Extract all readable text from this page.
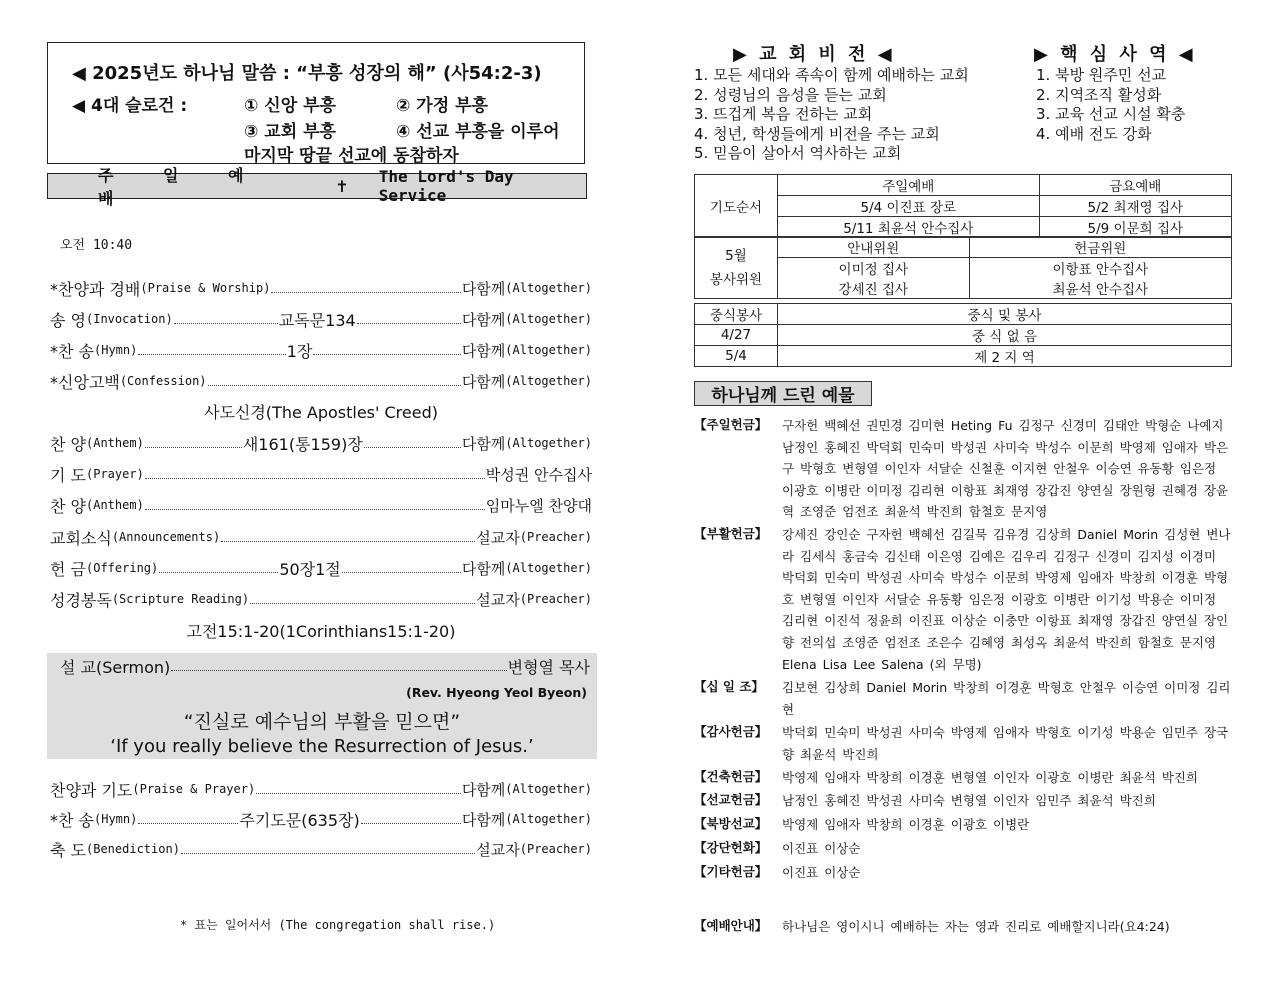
◀ 2025년도 하나님 말씀 : “부흥 성장의 해” (사54:2-3)
◀ 4대 슬로건 :	① 신앙 부흥	② 가정 부흥
③ 교회 부흥	④ 선교 부흥을 이루어
마지막 땅끝 선교에 동참하자
주 일 예 배
✝ The Lord's Day Service
오전 10:40
*찬양과 경배 (Praise & Worship)	다함께 (Altogether)
송 영 (Invocation)	교독문134	다함께 (Altogether)
*찬 송 (Hymn)	1장	다함께 (Altogether)
*신앙고백 (Confession)	다함께 (Altogether)
사도신경(The Apostles' Creed)
찬 양 (Anthem)	새161(통159)장	다함께 (Altogether)
기 도 (Prayer)	박성권 안수집사
찬 양 (Anthem)	임마누엘 찬양대
교회소식 (Announcements)	설교자 (Preacher)
헌 금 (Offering)	50장1절	다함께 (Altogether)
성경봉독 (Scripture Reading)	설교자 (Preacher)
고전15:1-20(1Corinthians15:1-20)
설 교(Sermon)	변형열 목사
(Rev. Hyeong Yeol Byeon)
“진실로 예수님의 부활을 믿으면”
‘If you really believe the Resurrection of Jesus.’
찬양과 기도 (Praise & Prayer)	다함께 (Altogether)
*찬 송 (Hymn)	주기도문(635장)	다함께 (Altogether)
축 도 (Benediction)	설교자 (Preacher)
* 표는 일어서서 (The congregation shall rise.)
▶ 교 회 비 전 ◀	▶ 핵 심 사 역 ◀
1. 모든 세대와 족속이 함께 예배하는 교회
2. 성령님의 음성을 듣는 교회
3. 뜨겁게 복음 전하는 교회
4. 청년, 학생들에게 비전을 주는 교회
5. 믿음이 살아서 역사하는 교회
1. 북방 원주민 선교
2. 지역조직 활성화
3. 교육 선교 시설 확충
4. 예배 전도 강화
기도순서	주일예배	금요예배
	5/4 이진표 장로	5/2 최재영 집사
	5/11 최윤석 안수집사	5/9 이문희 집사
5월
봉사위원	안내위원	헌금위원
	이미정 집사	이항표 안수집사
	강세진 집사	최윤석 안수집사
중식봉사	중식 및 봉사
4/27	중 식 없 음
5/4	제 2 지 역
하나님께 드린 예물
【주일헌금】	구자헌 백혜선 권민경 김미현 Heting Fu 김정구 신경미 김태안 박형순 나예지 남정인 홍혜진 박덕회 민숙미 박성권 사미숙 박성수 이문희 박영제 임애자 박은구 박형호 변형열 이인자 서달순 신철훈 이지현 안철우 이승연 유동황 임은정 이광호 이병란 이미정 김리현 이항표 최재영 장갑진 양연실 장원형 권혜경 장윤혁 조영준 엄전조 최윤석 박진희 함철호 문지영
【부활헌금】	강세진 강인순 구자헌 백혜선 김길묵 김유경 김상희 Daniel Morin 김성현 변나라 김세식 홍금숙 김신태 이은영 김예은 김우리 김정구 신경미 김지성 이경미 박덕회 민숙미 박성권 사미숙 박성수 이문희 박영제 임애자 박창희 이경훈 박형호 변형열 이인자 서달순 유동황 임은정 이광호 이병란 이기성 박용순 이미정 김리현 이진석 정윤희 이진표 이상순 이충만 이항표 최재영 장갑진 양연실 장인향 전의섭 조영준 엄전조 조은수 김혜영 최성옥 최윤석 박진희 함철호 문지영 Elena Lisa Lee Salena (외 무명)
【십 일 조】	김보현 김상희 Daniel Morin 박창희 이경훈 박형호 안철우 이승연 이미정 김리현
【감사헌금】	박덕회 민숙미 박성권 사미숙 박영제 임애자 박형호 이기성 박용순 임민주 장국향 최윤석 박진희
【건축헌금】	박영제 임애자 박창희 이경훈 변형열 이인자 이광호 이병란 최윤석 박진희
【선교헌금】	남정인 홍혜진 박성권 사미숙 변형열 이인자 임민주 최윤석 박진희
【북방선교】	박영제 임애자 박창희 이경훈 이광호 이병란
【강단헌화】	이진표 이상순
【기타헌금】	이진표 이상순
【예배안내】	하나님은 영이시니 예배하는 자는 영과 진리로 예배할지니라(요4:24)
